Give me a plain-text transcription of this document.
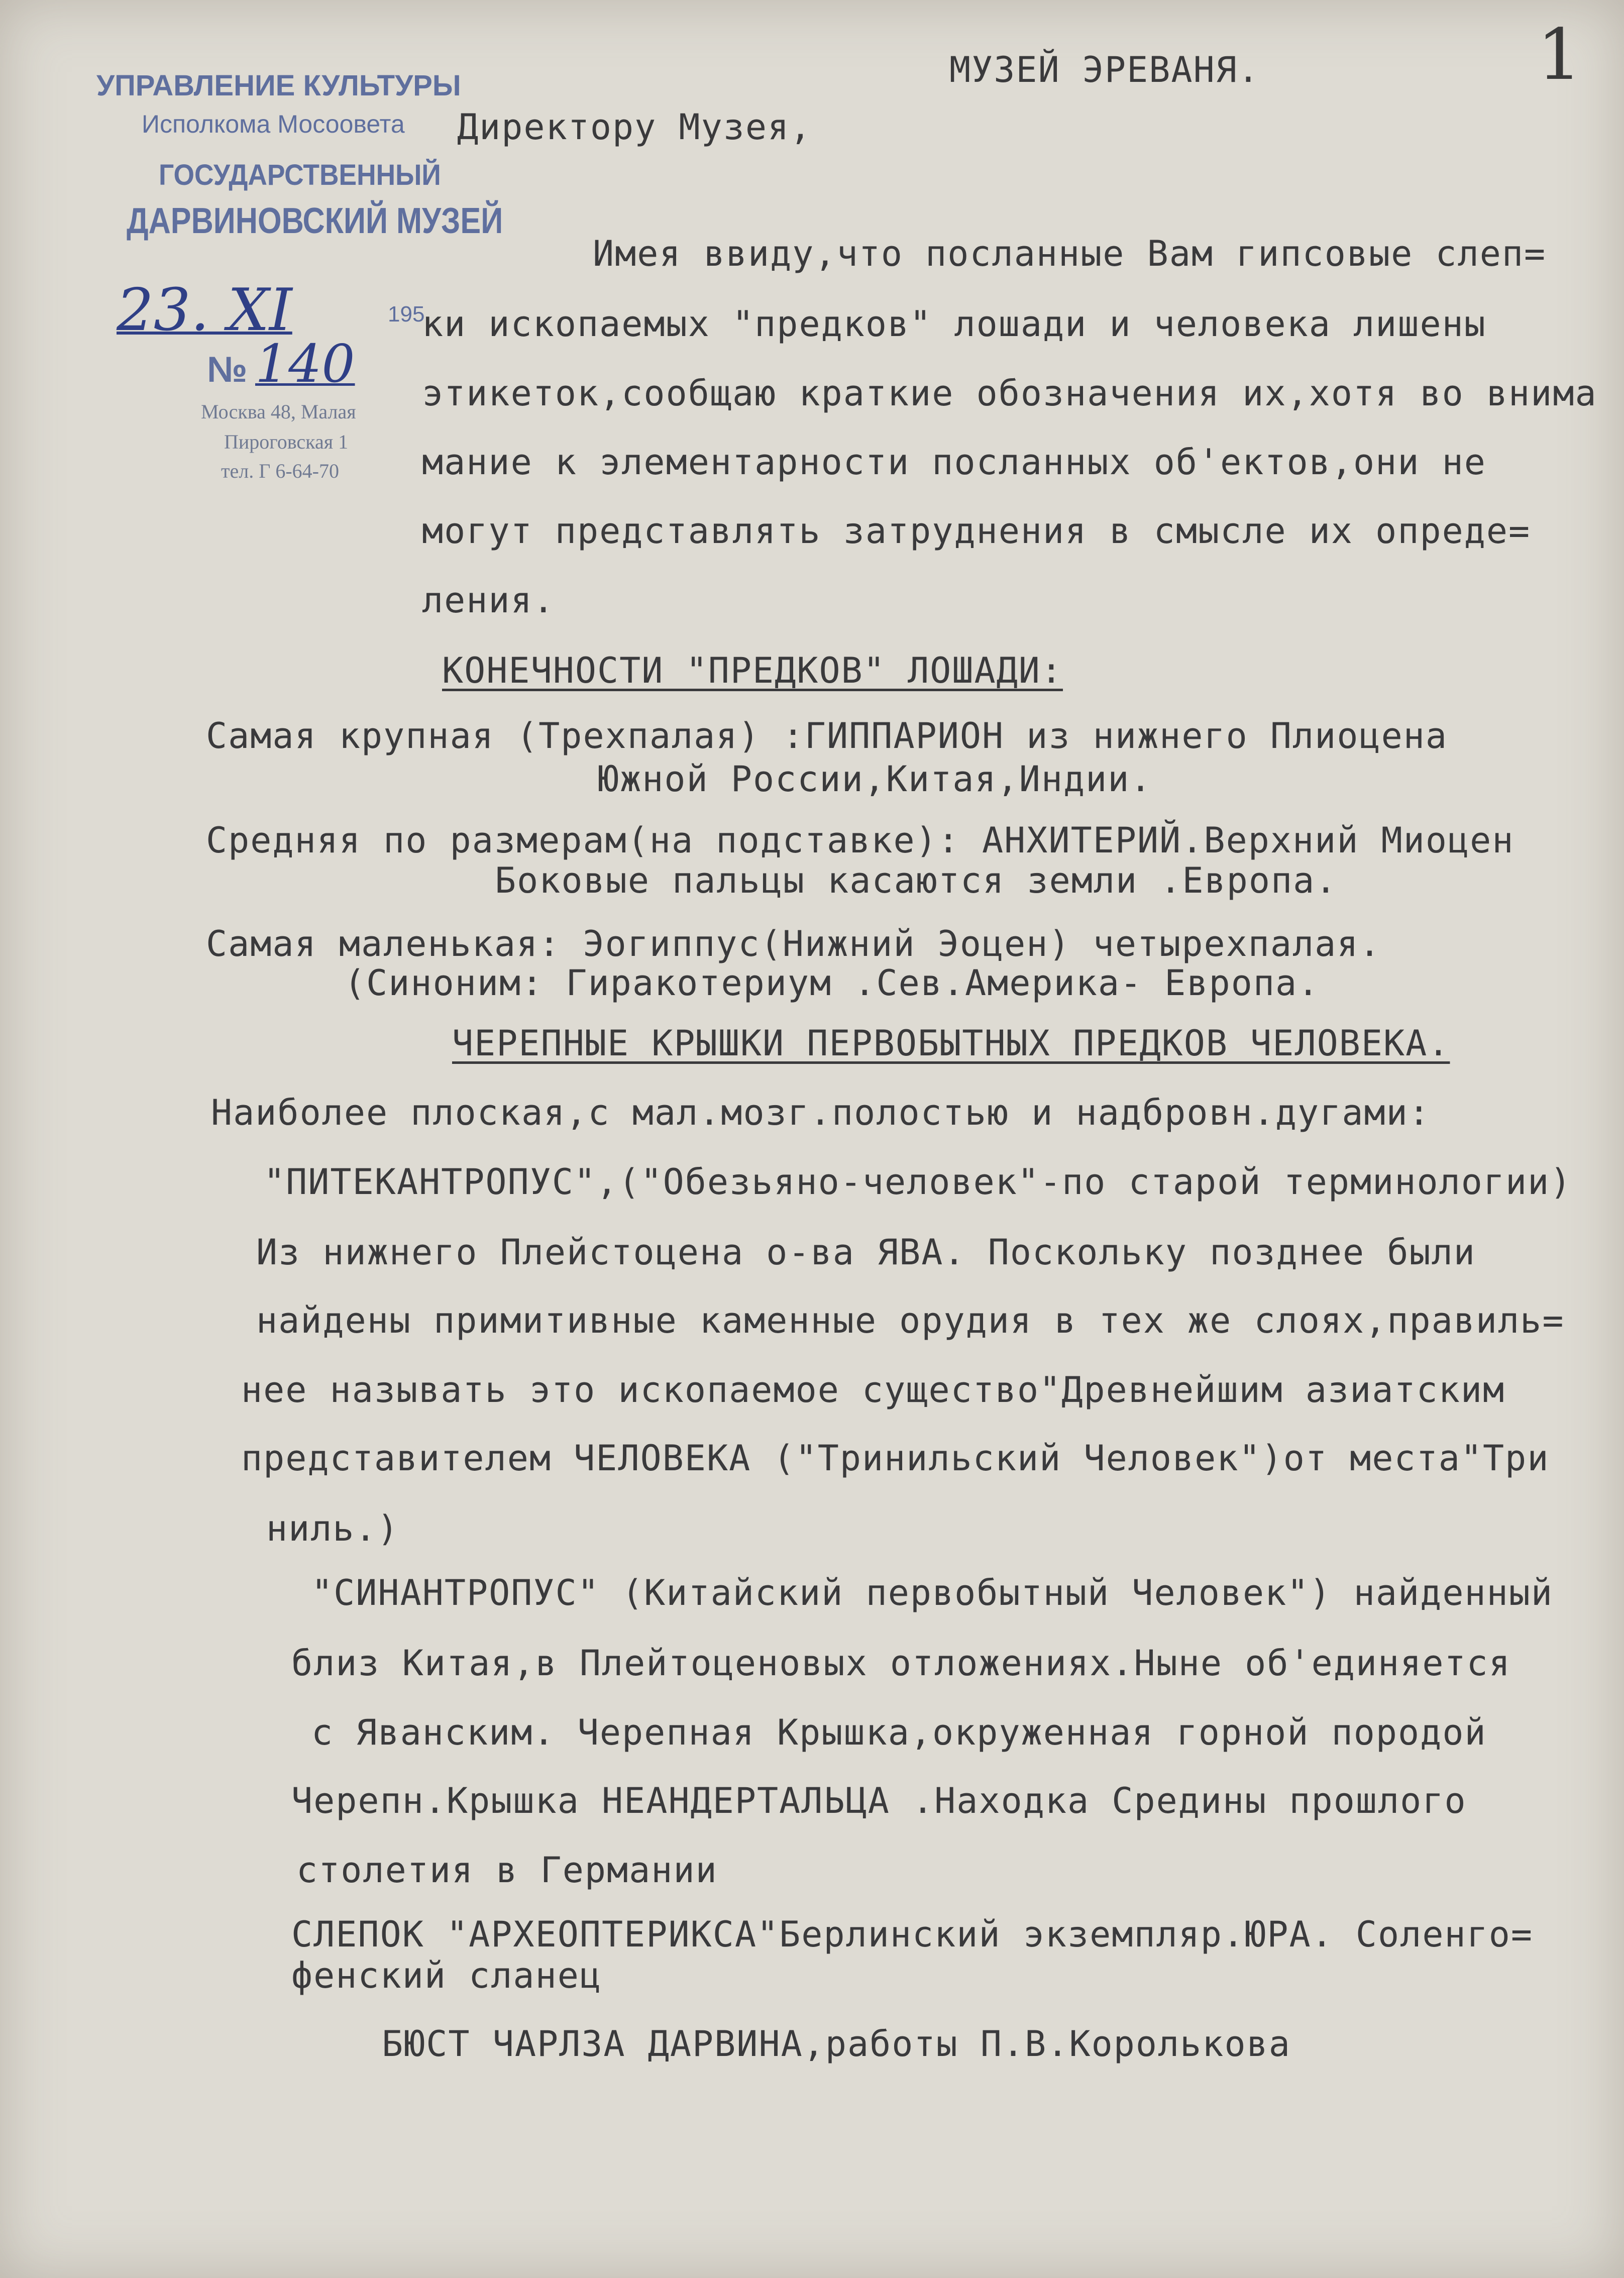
1
УПРАВЛЕНИЕ КУЛЬТУРЫ
Исполкома Мосоовета
ГОСУДАРСТВЕННЫЙ
ДАРВИНОВСКИЙ МУЗЕЙ
23. XI	195
№ 140
Москва 48, Малая
Пироговская 1
тел. Г 6-64-70
МУЗЕЙ ЭРЕВАНЯ.
Директору Музея,
Имея ввиду,что посланные Вам гипсовые слеп=
ки ископаемых "предков" лошади и человека лишены
этикеток,сообщаю краткие обозначения их,хотя во внима
мание к элементарности посланных об'ектов,они не
могут представлять затруднения в смысле их опреде=
ления.
КОНЕЧНОСТИ "ПРЕДКОВ" ЛОШАДИ:
Самая крупная (Трехпалая) :ГИППАРИОН из нижнего Плиоцена
Южной России,Китая,Индии.
Средняя по размерам(на подставке): АНХИТЕРИЙ.Верхний Миоцен
Боковые пальцы касаются земли .Европа.
Самая маленькая: Эогиппус(Нижний Эоцен) четырехпалая.
(Синоним: Гиракотериум .Сев.Америка- Европа.
ЧЕРЕПНЫЕ КРЫШКИ ПЕРВОБЫТНЫХ ПРЕДКОВ ЧЕЛОВЕКА.
Наиболее плоская,с мал.мозг.полостью и надбровн.дугами:
"ПИТЕКАНТРОПУС",("Обезьяно-человек"-по старой терминологии)
Из нижнего Плейстоцена о-ва ЯВА. Поскольку позднее были
найдены примитивные каменные орудия в тех же слоях,правиль=
нее называть это ископаемое существо"Древнейшим азиатским
представителем ЧЕЛОВЕКА ("Тринильский Человек")от места"Три
ниль.)
"СИНАНТРОПУС" (Китайский первобытный Человек") найденный
близ Китая,в Плейтоценовых отложениях.Ныне об'единяется
с Яванским. Черепная Крышка,окруженная горной породой
Черепн.Крышка НЕАНДЕРТАЛЬЦА .Находка Средины прошлого
столетия в Германии
СЛЕПОК "АРХЕОПТЕРИКСА"Берлинский экземпляр.ЮРА. Соленго=
фенский сланец
БЮСТ ЧАРЛЗА ДАРВИНА,работы П.В.Королькова
